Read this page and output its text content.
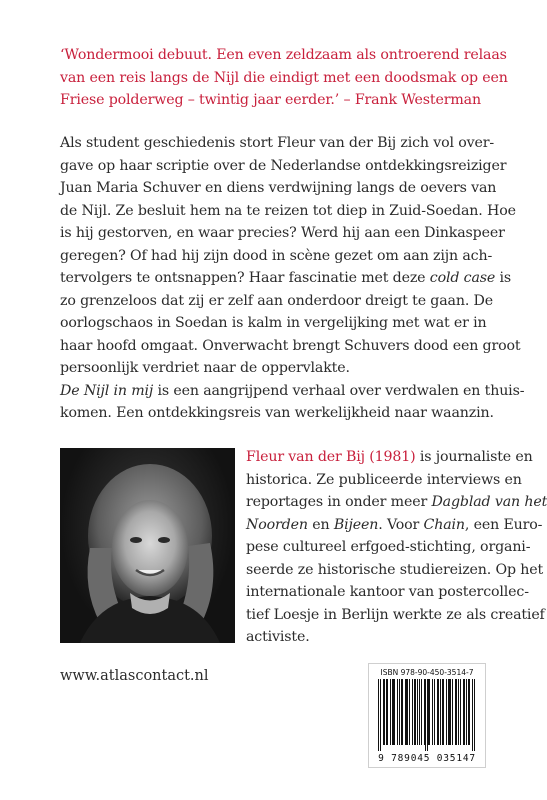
‘Wondermooi debuut. Een even zeldzaam als ontroerend relaas
van een reis langs de Nijl die eindigt met een doodsmak op een
Friese polderweg – twintig jaar eerder.’ – Frank Westerman
Als student geschiedenis stort Fleur van der Bij zich vol over-
gave op haar scriptie over de Nederlandse ontdekkingsreiziger
Juan Maria Schuver en diens verdwijning langs de oevers van
de Nijl. Ze besluit hem na te reizen tot diep in Zuid-Soedan. Hoe
is hij gestorven, en waar precies? Werd hij aan een Dinkaspeer
geregen? Of had hij zijn dood in scène gezet om aan zijn ach-
tervolgers te ontsnappen? Haar fascinatie met deze cold case is
zo grenzeloos dat zij er zelf aan onderdoor dreigt te gaan. De
oorlogschaos in Soedan is kalm in vergelijking met wat er in
haar hoofd omgaat. Onverwacht brengt Schuvers dood een groot
persoonlijk verdriet naar de oppervlakte.
De Nijl in mij is een aangrijpend verhaal over verdwalen en thuis-
komen. Een ontdekkingsreis van werkelijkheid naar waanzin.
Fleur van der Bij (1981) is journaliste en
historica. Ze publiceerde interviews en
reportages in onder meer Dagblad van het
Noorden en Bijeen. Voor Chain, een Euro-
pese cultureel erfgoed-stichting, organi-
seerde ze historische studiereizen. Op het
internationale kantoor van postercollec-
tief Loesje in Berlijn werkte ze als creatief
activiste.
www.atlascontact.nl	ISBN 978-90-450-3514-7
9 789045 035147
